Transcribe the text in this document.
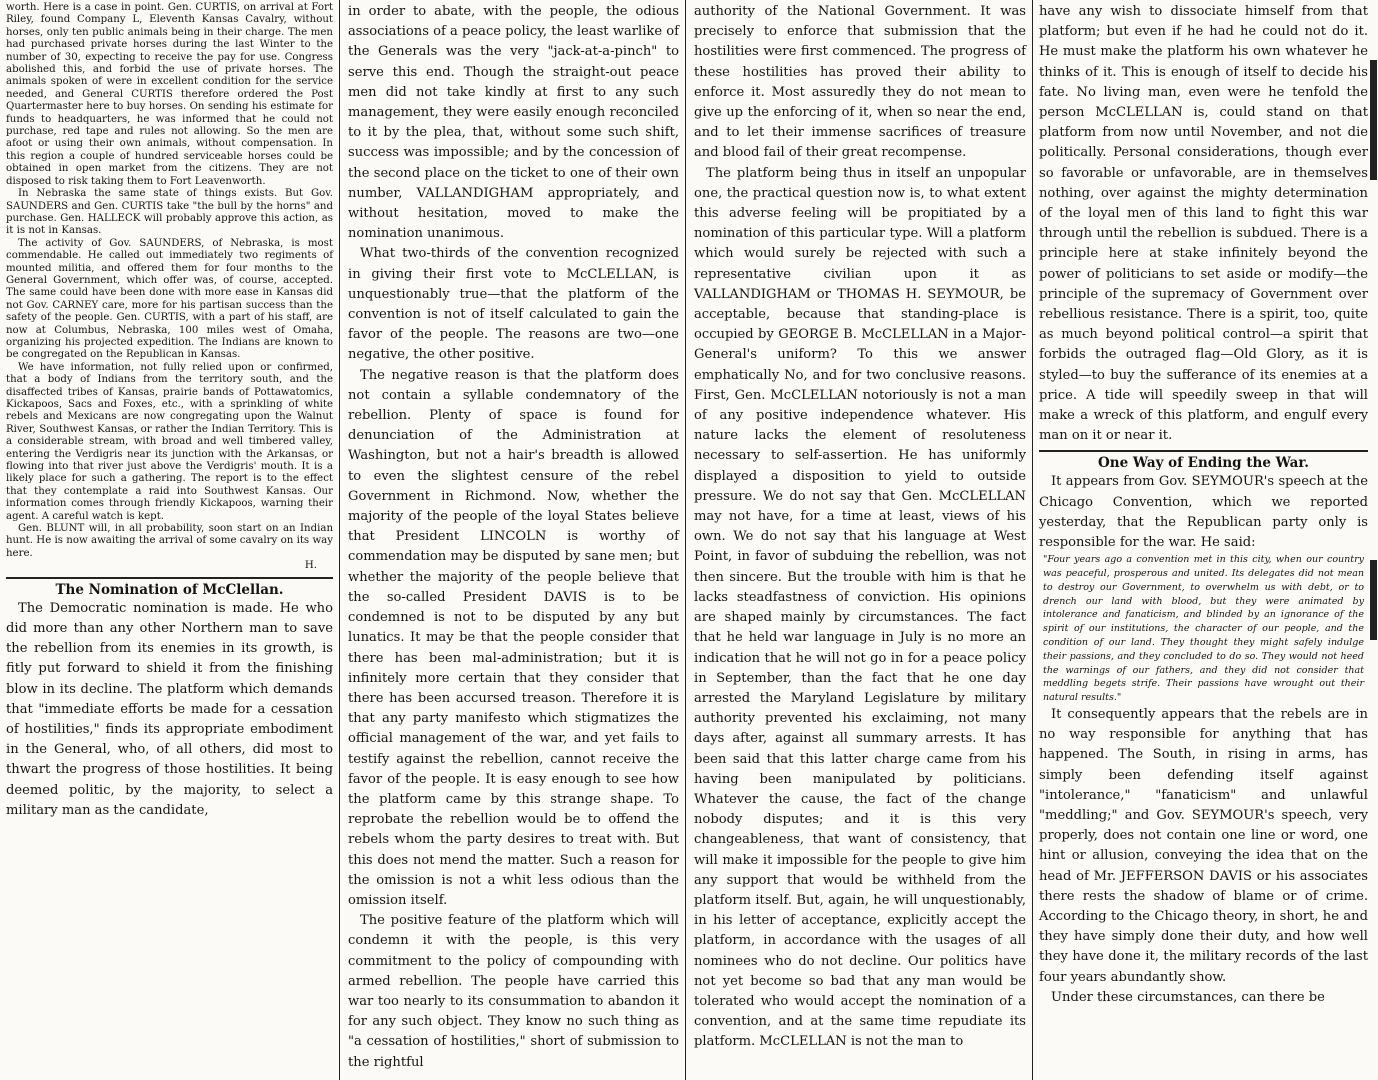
worth. Here is a case in point. Gen. CURTIS, on arrival at Fort Riley, found Company L, Eleventh Kansas Cavalry, without horses, only ten public animals being in their charge. The men had purchased private horses during the last Winter to the number of 30, expecting to receive the pay for use. Congress abolished this, and forbid the use of private horses. The animals spoken of were in excellent condition for the service needed, and General CURTIS therefore ordered the Post Quartermaster here to buy horses. On sending his estimate for funds to headquarters, he was informed that he could not purchase, red tape and rules not allowing. So the men are afoot or using their own animals, without compensation. In this region a couple of hundred serviceable horses could be obtained in open market from the citizens. They are not disposed to risk taking them to Fort Leavenworth.

In Nebraska the same state of things exists. But Gov. SAUNDERS and Gen. CURTIS take "the bull by the horns" and purchase. Gen. HALLECK will probably approve this action, as it is not in Kansas.

The activity of Gov. SAUNDERS, of Nebraska, is most commendable. He called out immediately two regiments of mounted militia, and offered them for four months to the General Government, which offer was, of course, accepted. The same could have been done with more ease in Kansas did not Gov. CARNEY care, more for his partisan success than the safety of the people. Gen. CURTIS, with a part of his staff, are now at Columbus, Nebraska, 100 miles west of Omaha, organizing his projected expedition. The Indians are known to be congregated on the Republican in Kansas.

We have information, not fully relied upon or confirmed, that a body of Indians from the territory south, and the disaffected tribes of Kansas, prairie bands of Pottawatomics, Kickapoos, Sacs and Foxes, etc., with a sprinkling of white rebels and Mexicans are now congregating upon the Walnut River, Southwest Kansas, or rather the Indian Territory. This is a considerable stream, with broad and well timbered valley, entering the Verdigris near its junction with the Arkansas, or flowing into that river just above the Verdigris' mouth. It is a likely place for such a gathering. The report is to the effect that they contemplate a raid into Southwest Kansas. Our information comes through friendly Kickapoos, warning their agent. A careful watch is kept.

Gen. BLUNT will, in all probability, soon start on an Indian hunt. He is now awaiting the arrival of some cavalry on its way here.

H.

The Nomination of McClellan.

The Democratic nomination is made. He who did more than any other Northern man to save the rebellion from its enemies in its growth, is fitly put forward to shield it from the finishing blow in its decline. The platform which demands that "immediate efforts be made for a cessation of hostilities," finds its appropriate embodiment in the General, who, of all others, did most to thwart the progress of those hostilities. It being deemed politic, by the majority, to select a military man as the candidate,

in order to abate, with the people, the odious associations of a peace policy, the least warlike of the Generals was the very "jack-at-a-pinch" to serve this end. Though the straight-out peace men did not take kindly at first to any such management, they were easily enough reconciled to it by the plea, that, without some such shift, success was impossible; and by the concession of the second place on the ticket to one of their own number, VALLANDIGHAM appropriately, and without hesitation, moved to make the nomination unanimous.

What two-thirds of the convention recognized in giving their first vote to McCLELLAN, is unquestionably true—that the platform of the convention is not of itself calculated to gain the favor of the people. The reasons are two—one negative, the other positive.

The negative reason is that the platform does not contain a syllable condemnatory of the rebellion. Plenty of space is found for denunciation of the Administration at Washington, but not a hair's breadth is allowed to even the slightest censure of the rebel Government in Richmond. Now, whether the majority of the people of the loyal States believe that President LINCOLN is worthy of commendation may be disputed by sane men; but whether the majority of the people believe that the so-called President DAVIS is to be condemned is not to be disputed by any but lunatics. It may be that the people consider that there has been mal-administration; but it is infinitely more certain that they consider that there has been accursed treason. Therefore it is that any party manifesto which stigmatizes the official management of the war, and yet fails to testify against the rebellion, cannot receive the favor of the people. It is easy enough to see how the platform came by this strange shape. To reprobate the rebellion would be to offend the rebels whom the party desires to treat with. But this does not mend the matter. Such a reason for the omission is not a whit less odious than the omission itself.

The positive feature of the platform which will condemn it with the people, is this very commitment to the policy of compounding with armed rebellion. The people have carried this war too nearly to its consummation to abandon it for any such object. They know no such thing as "a cessation of hostilities," short of submission to the rightful

authority of the National Government. It was precisely to enforce that submission that the hostilities were first commenced. The progress of these hostilities has proved their ability to enforce it. Most assuredly they do not mean to give up the enforcing of it, when so near the end, and to let their immense sacrifices of treasure and blood fail of their great recompense.

The platform being thus in itself an unpopular one, the practical question now is, to what extent this adverse feeling will be propitiated by a nomination of this particular type. Will a platform which would surely be rejected with such a representative civilian upon it as VALLANDIGHAM or THOMAS H. SEYMOUR, be acceptable, because that standing-place is occupied by GEORGE B. McCLELLAN in a Major-General's uniform? To this we answer emphatically No, and for two conclusive reasons. First, Gen. McCLELLAN notoriously is not a man of any positive independence whatever. His nature lacks the element of resoluteness necessary to self-assertion. He has uniformly displayed a disposition to yield to outside pressure. We do not say that Gen. McCLELLAN may not have, for a time at least, views of his own. We do not say that his language at West Point, in favor of subduing the rebellion, was not then sincere. But the trouble with him is that he lacks steadfastness of conviction. His opinions are shaped mainly by circumstances. The fact that he held war language in July is no more an indication that he will not go in for a peace policy in September, than the fact that he one day arrested the Maryland Legislature by military authority prevented his exclaiming, not many days after, against all summary arrests. It has been said that this latter charge came from his having been manipulated by politicians. Whatever the cause, the fact of the change nobody disputes; and it is this very changeableness, that want of consistency, that will make it impossible for the people to give him any support that would be withheld from the platform itself. But, again, he will unquestionably, in his letter of acceptance, explicitly accept the platform, in accordance with the usages of all nominees who do not decline. Our politics have not yet become so bad that any man would be tolerated who would accept the nomination of a convention, and at the same time repudiate its platform. McCLELLAN is not the man to

have any wish to dissociate himself from that platform; but even if he had he could not do it. He must make the platform his own whatever he thinks of it. This is enough of itself to decide his fate. No living man, even were he tenfold the person McCLELLAN is, could stand on that platform from now until November, and not die politically. Personal considerations, though ever so favorable or unfavorable, are in themselves nothing, over against the mighty determination of the loyal men of this land to fight this war through until the rebellion is subdued. There is a principle here at stake infinitely beyond the power of politicians to set aside or modify—the principle of the supremacy of Government over rebellious resistance. There is a spirit, too, quite as much beyond political control—a spirit that forbids the outraged flag—Old Glory, as it is styled—to buy the sufferance of its enemies at a price. A tide will speedily sweep in that will make a wreck of this platform, and engulf every man on it or near it.

One Way of Ending the War.

It appears from Gov. SEYMOUR's speech at the Chicago Convention, which we reported yesterday, that the Republican party only is responsible for the war. He said:

"Four years ago a convention met in this city, when our country was peaceful, prosperous and united. Its delegates did not mean to destroy our Government, to overwhelm us with debt, or to drench our land with blood, but they were animated by intolerance and fanaticism, and blinded by an ignorance of the spirit of our institutions, the character of our people, and the condition of our land. They thought they might safely indulge their passions, and they concluded to do so. They would not heed the warnings of our fathers, and they did not consider that meddling begets strife. Their passions have wrought out their natural results."

It consequently appears that the rebels are in no way responsible for anything that has happened. The South, in rising in arms, has simply been defending itself against "intolerance," "fanaticism" and unlawful "meddling;" and Gov. SEYMOUR's speech, very properly, does not contain one line or word, one hint or allusion, conveying the idea that on the head of Mr. JEFFERSON DAVIS or his associates there rests the shadow of blame or of crime. According to the Chicago theory, in short, he and they have simply done their duty, and how well they have done it, the military records of the last four years abundantly show.

Under these circumstances, can there be
